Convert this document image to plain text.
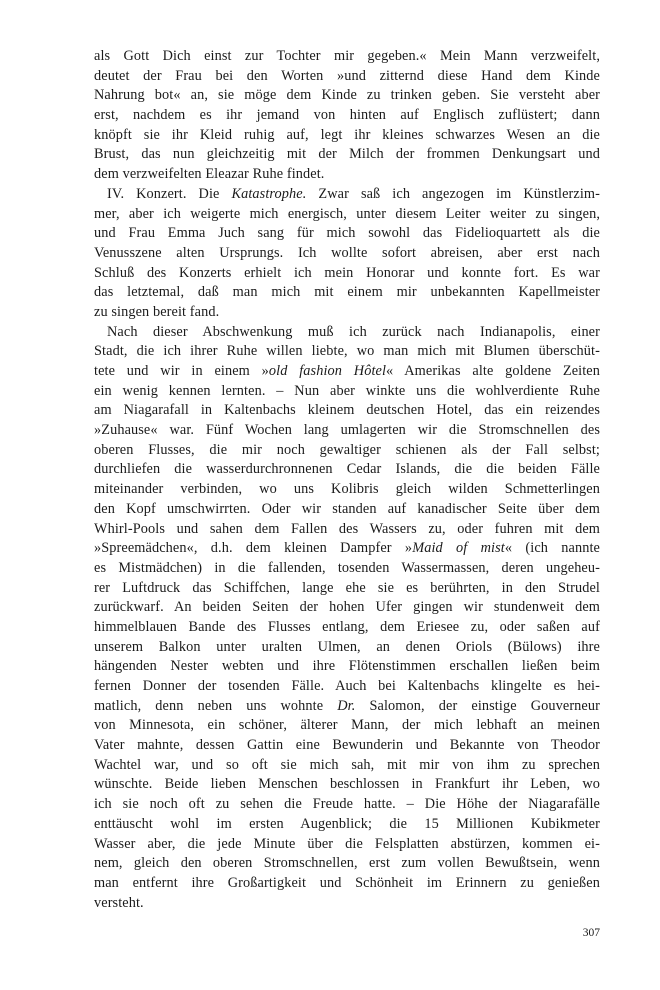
als Gott Dich einst zur Tochter mir gegeben.« Mein Mann verzweifelt,
deutet der Frau bei den Worten »und zitternd diese Hand dem Kinde
Nahrung bot« an, sie möge dem Kinde zu trinken geben. Sie versteht aber
erst, nachdem es ihr jemand von hinten auf Englisch zuflüstert; dann
knöpft sie ihr Kleid ruhig auf, legt ihr kleines schwarzes Wesen an die
Brust, das nun gleichzeitig mit der Milch der frommen Denkungsart und
dem verzweifelten Eleazar Ruhe findet.
IV. Konzert. Die Katastrophe. Zwar saß ich angezogen im Künstlerzim-
mer, aber ich weigerte mich energisch, unter diesem Leiter weiter zu singen,
und Frau Emma Juch sang für mich sowohl das Fidelioquartett als die
Venusszene alten Ursprungs. Ich wollte sofort abreisen, aber erst nach
Schluß des Konzerts erhielt ich mein Honorar und konnte fort. Es war
das letztemal, daß man mich mit einem mir unbekannten Kapellmeister
zu singen bereit fand.
Nach dieser Abschwenkung muß ich zurück nach Indianapolis, einer
Stadt, die ich ihrer Ruhe willen liebte, wo man mich mit Blumen überschüt-
tete und wir in einem »old fashion Hôtel« Amerikas alte goldene Zeiten
ein wenig kennen lernten. – Nun aber winkte uns die wohlverdiente Ruhe
am Niagarafall in Kaltenbachs kleinem deutschen Hotel, das ein reizendes
»Zuhause« war. Fünf Wochen lang umlagerten wir die Stromschnellen des
oberen Flusses, die mir noch gewaltiger schienen als der Fall selbst;
durchliefen die wasserdurchronnenen Cedar Islands, die die beiden Fälle
miteinander verbinden, wo uns Kolibris gleich wilden Schmetterlingen
den Kopf umschwirrten. Oder wir standen auf kanadischer Seite über dem
Whirl-Pools und sahen dem Fallen des Wassers zu, oder fuhren mit dem
»Spreemädchen«, d.h. dem kleinen Dampfer »Maid of mist« (ich nannte
es Mistmädchen) in die fallenden, tosenden Wassermassen, deren ungeheu-
rer Luftdruck das Schiffchen, lange ehe sie es berührten, in den Strudel
zurückwarf. An beiden Seiten der hohen Ufer gingen wir stundenweit dem
himmelblauen Bande des Flusses entlang, dem Eriesee zu, oder saßen auf
unserem Balkon unter uralten Ulmen, an denen Oriols (Bülows) ihre
hängenden Nester webten und ihre Flötenstimmen erschallen ließen beim
fernen Donner der tosenden Fälle. Auch bei Kaltenbachs klingelte es hei-
matlich, denn neben uns wohnte Dr. Salomon, der einstige Gouverneur
von Minnesota, ein schöner, älterer Mann, der mich lebhaft an meinen
Vater mahnte, dessen Gattin eine Bewunderin und Bekannte von Theodor
Wachtel war, und so oft sie mich sah, mit mir von ihm zu sprechen
wünschte. Beide lieben Menschen beschlossen in Frankfurt ihr Leben, wo
ich sie noch oft zu sehen die Freude hatte. – Die Höhe der Niagarafälle
enttäuscht wohl im ersten Augenblick; die 15 Millionen Kubikmeter
Wasser aber, die jede Minute über die Felsplatten abstürzen, kommen ei-
nem, gleich den oberen Stromschnellen, erst zum vollen Bewußtsein, wenn
man entfernt ihre Großartigkeit und Schönheit im Erinnern zu genießen
versteht.
307
